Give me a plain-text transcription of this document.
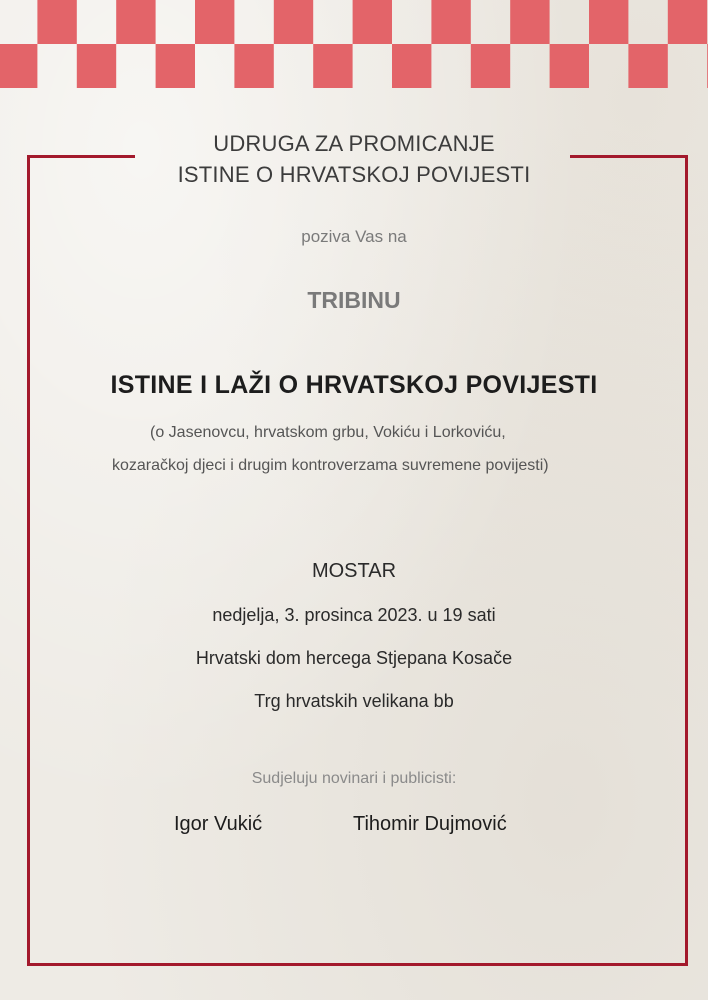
UDRUGA ZA PROMICANJE
ISTINE O HRVATSKOJ POVIJESTI
poziva Vas na
TRIBINU
ISTINE I LAŽI O HRVATSKOJ POVIJESTI
(o Jasenovcu, hrvatskom grbu, Vokiću i Lorkoviću,
kozaračkoj djeci i drugim kontroverzama suvremene povijesti)
MOSTAR
nedjelja, 3. prosinca 2023. u 19 sati
Hrvatski dom hercega Stjepana Kosače
Trg hrvatskih velikana bb
Sudjeluju novinari i publicisti:
Igor Vukić	Tihomir Dujmović
